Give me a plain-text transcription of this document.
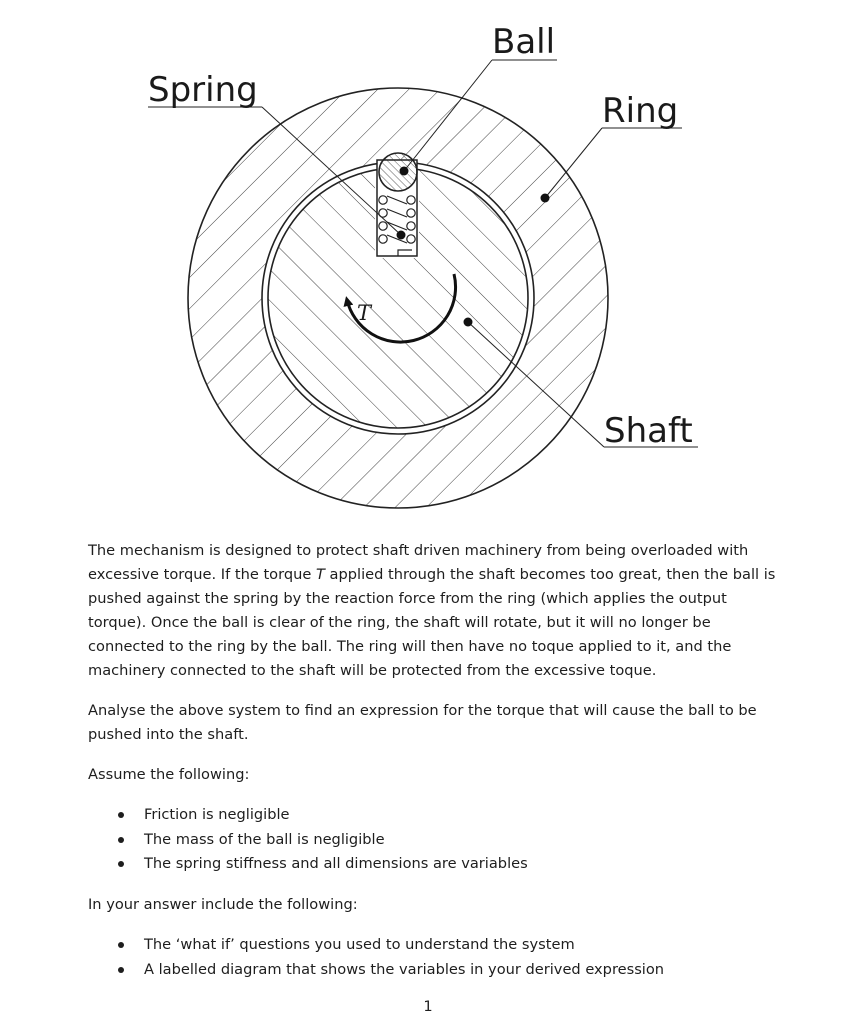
Ball
Spring
Ring
Shaft
T

The mechanism is designed to protect shaft driven machinery from being overloaded with excessive torque. If the torque T applied through the shaft becomes too great, then the ball is pushed against the spring by the reaction force from the ring (which applies the output torque). Once the ball is clear of the ring, the shaft will rotate, but it will no longer be connected to the ring by the ball. The ring will then have no toque applied to it, and the machinery connected to the shaft will be protected from the excessive toque.

Analyse the above system to find an expression for the torque that will cause the ball to be pushed into the shaft.

Assume the following:

Friction is negligible
The mass of the ball is negligible
The spring stiffness and all dimensions are variables

In your answer include the following:

The ‘what if’ questions you used to understand the system
A labelled diagram that shows the variables in your derived expression
1
